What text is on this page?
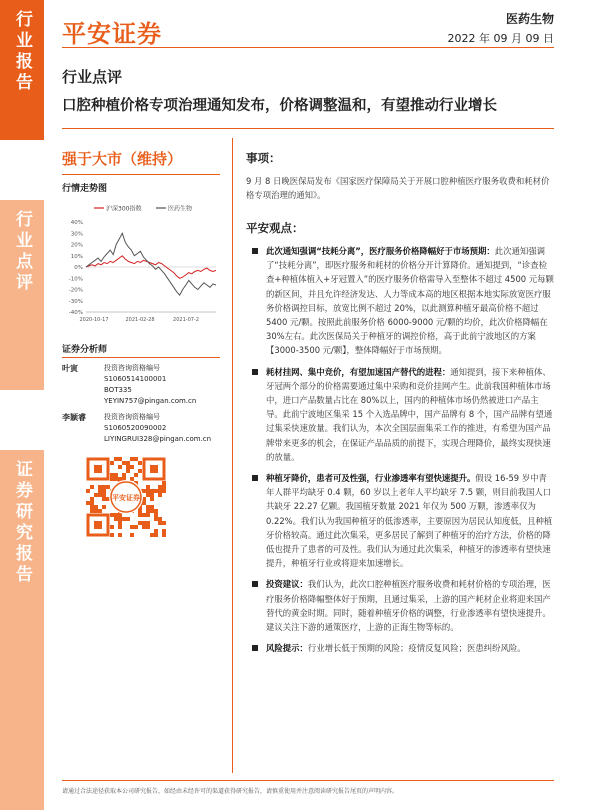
行业报告
行业点评
证券研究报告
平安证券
医药生物
2022 年 09 月 09 日
行业点评
口腔种植价格专项治理通知发布，价格调整温和，有望推动行业增长
强于大市（维持）
行情走势图
沪深300指数	医药生物
40%
30%
20%
10%
0%
-10%
-20%
-30%
-40%
2020-10-17	2021-02-28	2021-07-2
证券分析师
叶寅	投资咨询资格编号
S1060514100001
BOT335
YEYIN757@pingan.com.cn
李颖睿	投资咨询资格编号
S1060520090002
LIYINGRUI328@pingan.com.cn
平安证券
事项：
9 月 8 日晚医保局发布《国家医疗保障局关于开展口腔种植医疗服务收费和耗材价格专项治理的通知》。
平安观点：
此次通知强调“技耗分离”，医疗服务价格降幅好于市场预期：此次通知强调了“技耗分离”，即医疗服务和耗材的价格分开计算降价。通知提到，“诊查检查+种植体植入+牙冠置入”的医疗服务价格需导入至整体不超过 4500 元每颗的新区间，并且允许经济发达、人力等成本高的地区根据本地实际放宽医疗服务价格调控目标，放宽比例不超过 20%，以此测算种植牙最高价格不超过 5400 元/颗。按照此前服务价格 6000-9000 元/颗的均价，此次价格降幅在 30%左右。此次医保局关于种植牙的调控价格，高于此前宁波地区的方案【3000-3500 元/颗】，整体降幅好于市场预期。
耗材挂网、集中竞价，有望加速国产替代的进程：通知提到，接下来种植体、牙冠两个部分的价格需要通过集中采购和竞价挂网产生。此前我国种植体市场中，进口产品数量占比在 80%以上，国内的种植体市场仍然被进口产品主导。此前宁波地区集采 15 个入选品牌中，国产品牌有 8 个，国产品牌有望通过集采快速放量。我们认为，本次全国层面集采工作的推进，有希望为国产品牌带来更多的机会，在保证产品品质的前提下，实现合理降价，最终实现快速的放量。
种植牙降价，患者可及性强，行业渗透率有望快速提升。假设 16-59 岁中青年人群平均缺牙 0.4 颗，60 岁以上老年人平均缺牙 7.5 颗，则目前我国人口共缺牙 22.27 亿颗。我国植牙数量 2021 年仅为 500 万颗，渗透率仅为 0.22%。我们认为我国种植牙的低渗透率，主要原因为居民认知度低，且种植牙价格较高。通过此次集采，更多居民了解到了种植牙的治疗方法，价格的降低也提升了患者的可及性。我们认为通过此次集采，种植牙的渗透率有望快速提升，种植牙行业或将迎来加速增长。
投资建议：我们认为，此次口腔种植医疗服务收费和耗材价格的专项治理，医疗服务价格降幅整体好于预期，且通过集采，上游的国产耗材企业将迎来国产替代的黄金时期。同时，随着种植牙价格的调整，行业渗透率有望快速提升。建议关注下游的通策医疗，上游的正海生物等标的。
风险提示：行业增长低于预期的风险；疫情反复风险；医患纠纷风险。
请通过合法途径获取本公司研究报告，如经由未经许可的渠道获得研究报告，请慎重使用并注意阅读研究报告尾页的声明内容。
